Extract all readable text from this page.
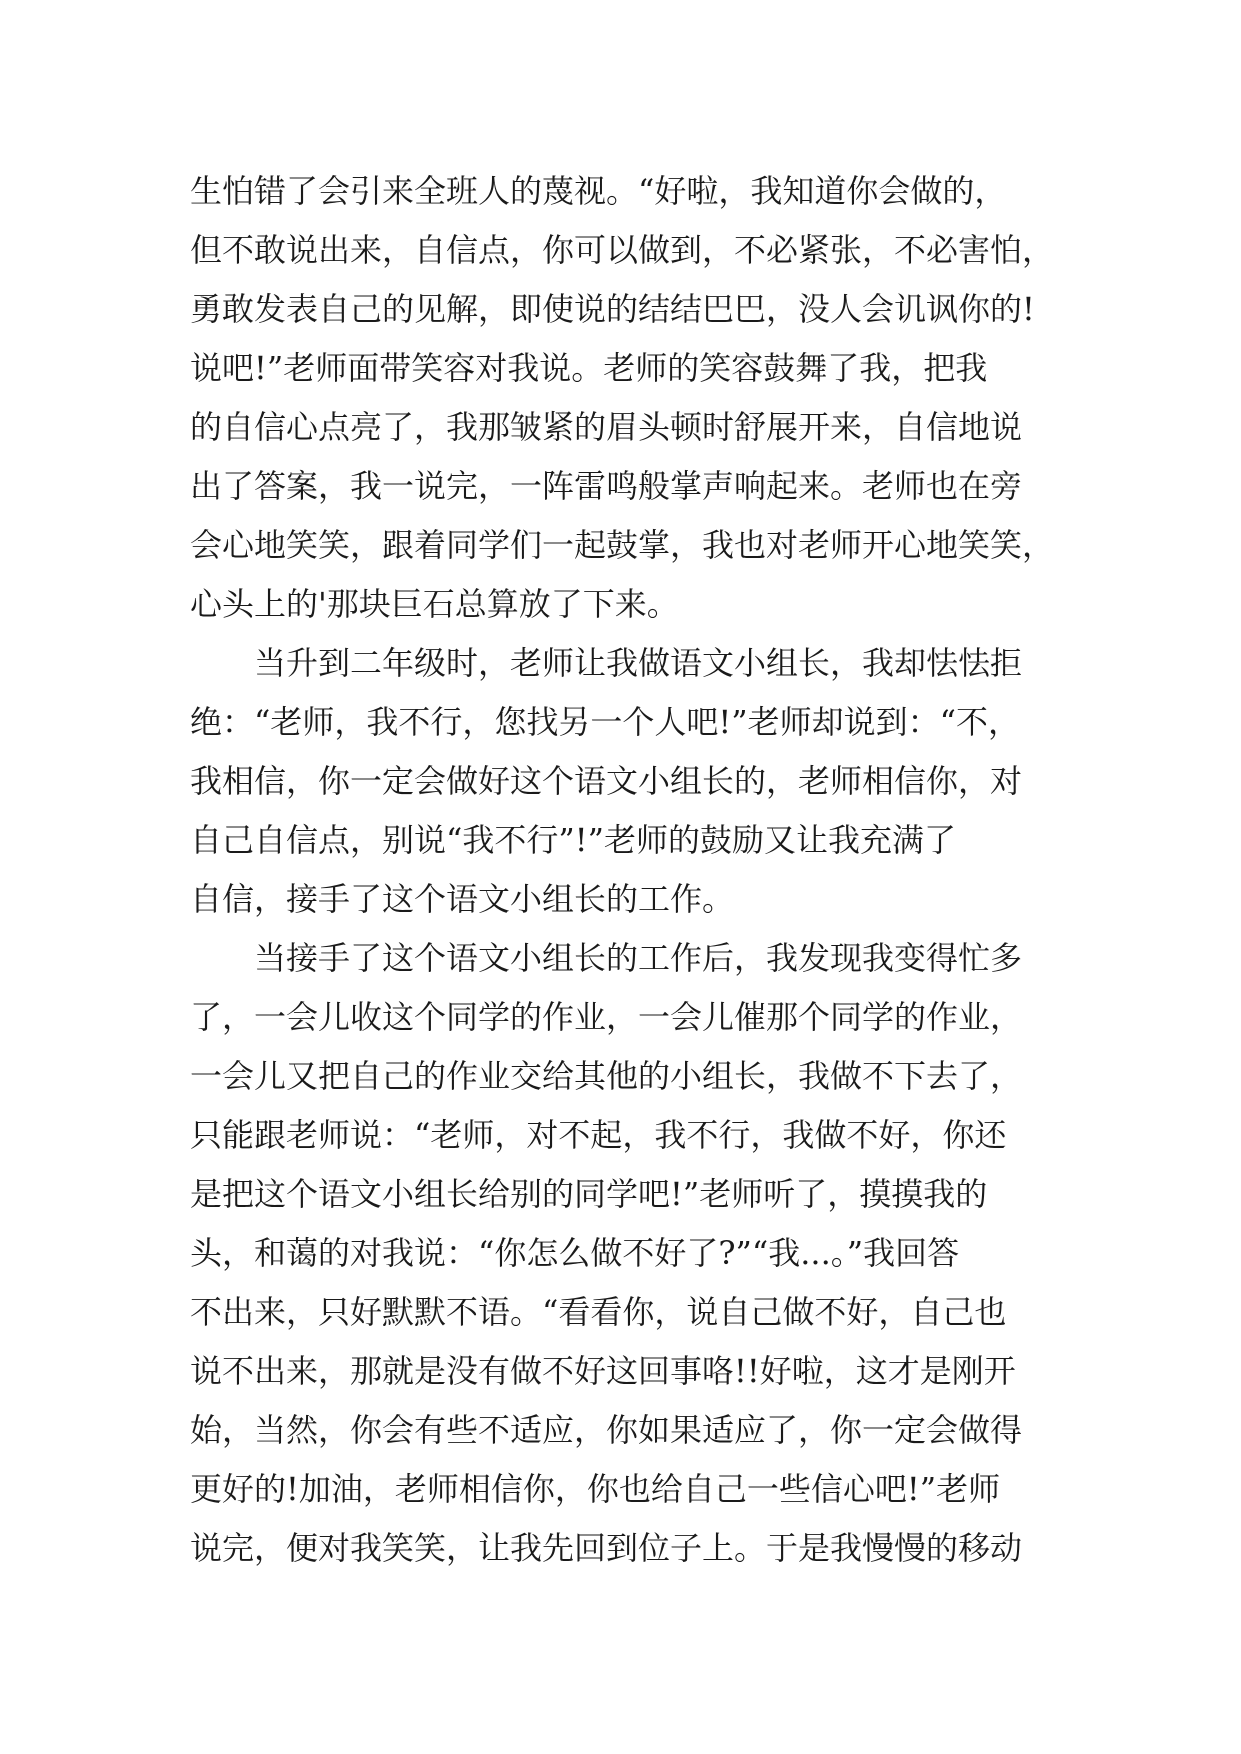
生怕错了会引来全班人的蔑视。“好啦，我知道你会做的，
但不敢说出来，自信点，你可以做到，不必紧张，不必害怕，
勇敢发表自己的见解，即使说的结结巴巴，没人会讥讽你的!
说吧!”老师面带笑容对我说。老师的笑容鼓舞了我，把我
的自信心点亮了，我那皱紧的眉头顿时舒展开来，自信地说
出了答案，我一说完，一阵雷鸣般掌声响起来。老师也在旁
会心地笑笑，跟着同学们一起鼓掌，我也对老师开心地笑笑，
心头上的'那块巨石总算放了下来。
　　当升到二年级时，老师让我做语文小组长，我却怯怯拒
绝：“老师，我不行，您找另一个人吧!”老师却说到：“不，
我相信，你一定会做好这个语文小组长的，老师相信你，对
自己自信点，别说“我不行”!”老师的鼓励又让我充满了
自信，接手了这个语文小组长的工作。
　　当接手了这个语文小组长的工作后，我发现我变得忙多
了，一会儿收这个同学的作业，一会儿催那个同学的作业，
一会儿又把自己的作业交给其他的小组长，我做不下去了，
只能跟老师说：“老师，对不起，我不行，我做不好，你还
是把这个语文小组长给别的同学吧!”老师听了，摸摸我的
头，和蔼的对我说：“你怎么做不好了?”“我...。”我回答
不出来，只好默默不语。“看看你，说自己做不好，自己也
说不出来，那就是没有做不好这回事咯!!好啦，这才是刚开
始，当然，你会有些不适应，你如果适应了，你一定会做得
更好的!加油，老师相信你，你也给自己一些信心吧!”老师
说完，便对我笑笑，让我先回到位子上。于是我慢慢的移动
